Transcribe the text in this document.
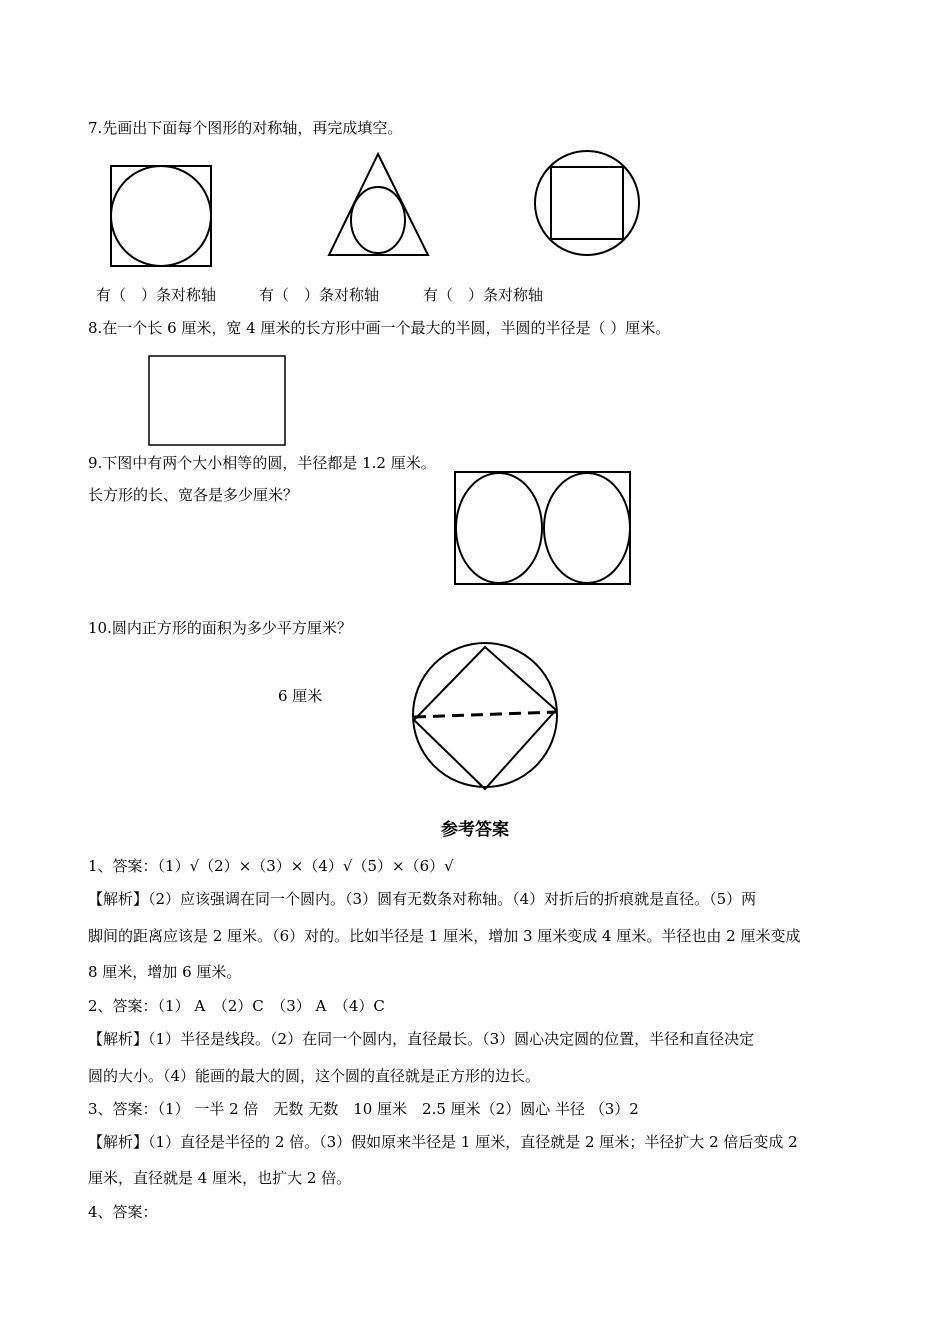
7.先画出下面每个图形的对称轴，再完成填空。
有（　）条对称轴	有（　）条对称轴	有（　）条对称轴
8.在一个长 6 厘米，宽 4 厘米的长方形中画一个最大的半圆，半圆的半径是（ ）厘米。
9.下图中有两个大小相等的圆，半径都是 1.2 厘米。
长方形的长、宽各是多少厘米？
10.圆内正方形的面积为多少平方厘米？
6 厘米
参考答案
1、答案：（1）√（2）×（3）×（4）√（5）×（6）√
【解析】（2）应该强调在同一个圆内。（3）圆有无数条对称轴。（4）对折后的折痕就是直径。（5）两
脚间的距离应该是 2 厘米。（6）对的。比如半径是 1 厘米，增加 3 厘米变成 4 厘米。半径也由 2 厘米变成
8 厘米，增加 6 厘米。
2、答案：（1） A　（2）C　（3） A　（4）C
【解析】（1）半径是线段。（2）在同一个圆内，直径最长。（3）圆心决定圆的位置，半径和直径决定
圆的大小。（4）能画的最大的圆，这个圆的直径就是正方形的边长。
3、答案：（1） 一半 2 倍　无数 无数　10 厘米　2.5 厘米（2）圆心 半径 （3）2
【解析】（1）直径是半径的 2 倍。（3）假如原来半径是 1 厘米，直径就是 2 厘米；半径扩大 2 倍后变成 2
厘米，直径就是 4 厘米，也扩大 2 倍。
4、答案：
